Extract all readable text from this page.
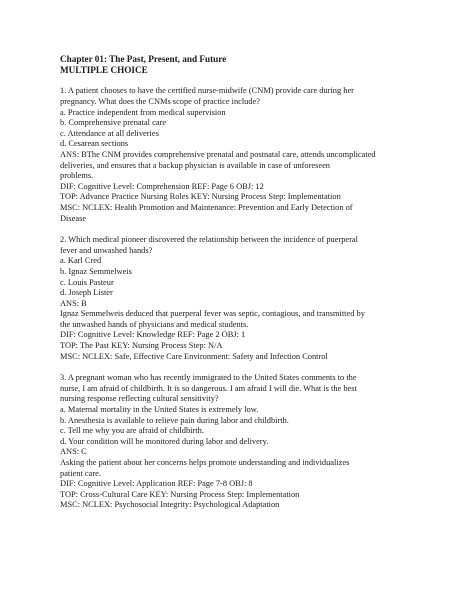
Chapter 01: The Past, Present, and Future
MULTIPLE CHOICE
1. A patient chooses to have the certified nurse-midwife (CNM) provide care during her
pregnancy. What does the CNMs scope of practice include?
a. Practice independent from medical supervision
b. Comprehensive prenatal care
c. Attendance at all deliveries
d. Cesarean sections
ANS: BThe CNM provides comprehensive prenatal and postnatal care, attends uncomplicated
deliveries, and ensures that a backup physician is available in case of unforeseen
problems.
DIF: Cognitive Level: Comprehension REF: Page 6 OBJ: 12
TOP: Advance Practice Nursing Roles KEY: Nursing Process Step: Implementation
MSC: NCLEX: Health Promotion and Maintenance: Prevention and Early Detection of
Disease
2. Which medical pioneer discovered the relationship between the incidence of puerperal
fever and unwashed hands?
a. Karl Cred
b. Ignaz Semmelweis
c. Louis Pasteur
d. Joseph Lister
ANS: B
Ignaz Semmelweis deduced that puerperal fever was septic, contagious, and transmitted by
the unwashed hands of physicians and medical students.
DIF: Cognitive Level: Knowledge REF: Page 2 OBJ: 1
TOP: The Past KEY: Nursing Process Step: N/A
MSC: NCLEX: Safe, Effective Care Environment: Safety and Infection Control
3. A pregnant woman who has recently immigrated to the United States comments to the
nurse, I am afraid of childbirth. It is so dangerous. I am afraid I will die. What is the best
nursing response reflecting cultural sensitivity?
a. Maternal mortality in the United States is extremely low.
b. Anesthesia is available to relieve pain during labor and childbirth.
c. Tell me why you are afraid of childbirth.
d. Your condition will be monitored during labor and delivery.
ANS: C
Asking the patient about her concerns helps promote understanding and individualizes
patient care.
DIF: Cognitive Level: Application REF: Page 7-8 OBJ: 8
TOP: Cross-Cultural Care KEY: Nursing Process Step: Implementation
MSC: NCLEX: Psychosocial Integrity: Psychological Adaptation
